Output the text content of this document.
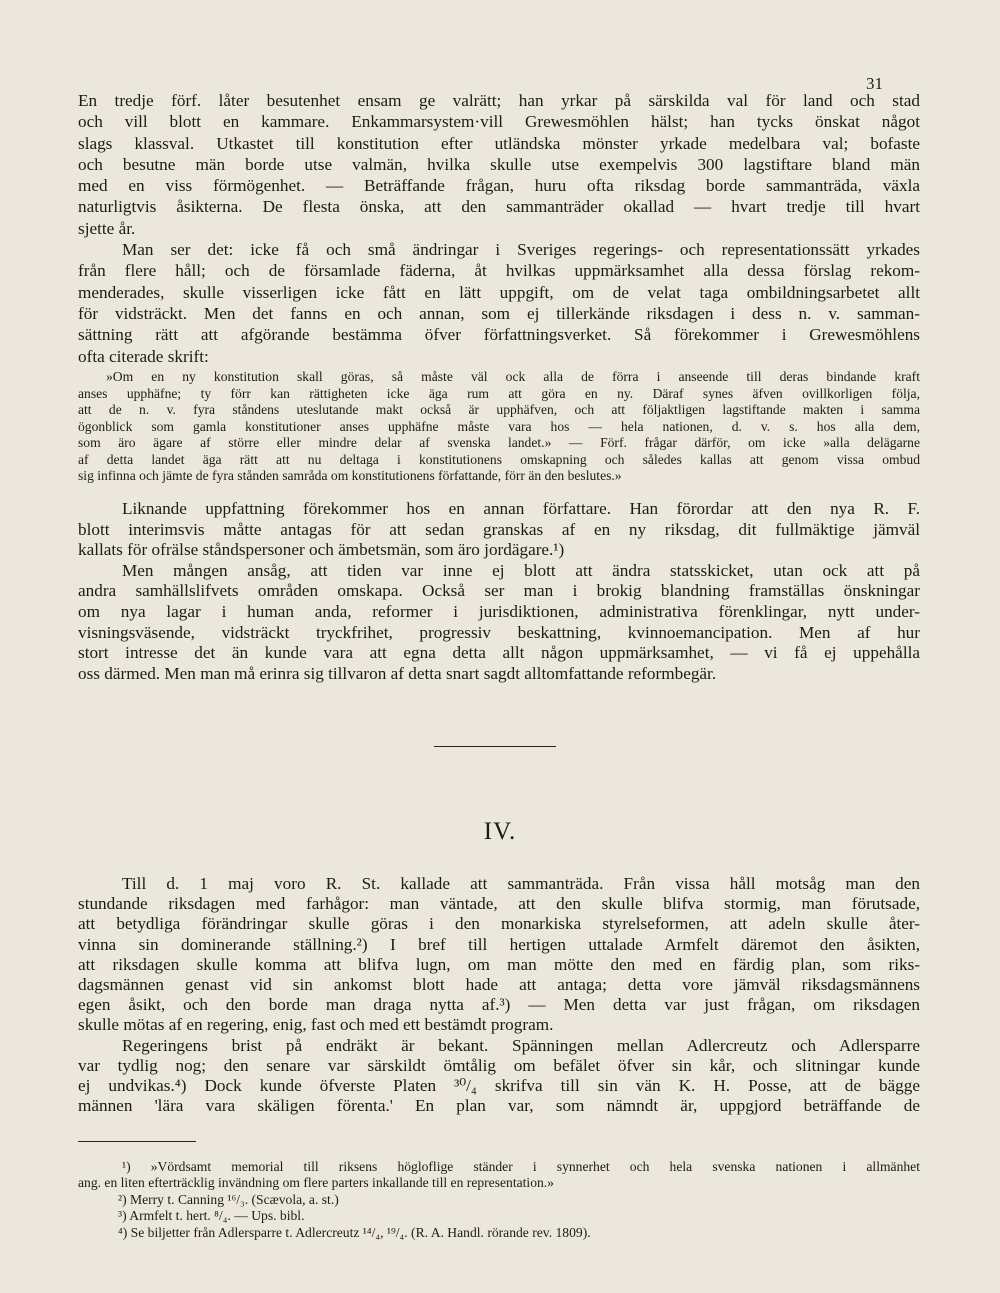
31
En tredje förf. låter besutenhet ensam ge valrätt; han yrkar på särskilda val för land och stad
och vill blott en kammare. Enkammarsystem·vill Grewesmöhlen hälst; han tycks önskat något
slags klassval. Utkastet till konstitution efter utländska mönster yrkade medelbara val; bofaste
och besutne män borde utse valmän, hvilka skulle utse exempelvis 300 lagstiftare bland män
med en viss förmögenhet. — Beträffande frågan, huru ofta riksdag borde sammanträda, växla
naturligtvis åsikterna. De flesta önska, att den sammanträder okallad — hvart tredje till hvart
sjette år.
Man ser det: icke få och små ändringar i Sveriges regerings- och representationssätt yrkades
från flere håll; och de församlade fäderna, åt hvilkas uppmärksamhet alla dessa förslag rekom-
menderades, skulle visserligen icke fått en lätt uppgift, om de velat taga ombildningsarbetet allt
för vidsträckt. Men det fanns en och annan, som ej tillerkände riksdagen i dess n. v. samman-
sättning rätt att afgörande bestämma öfver författningsverket. Så förekommer i Grewesmöhlens
ofta citerade skrift:
»Om en ny konstitution skall göras, så måste väl ock alla de förra i anseende till deras bindande kraft
anses upphäfne; ty förr kan rättigheten icke äga rum att göra en ny. Däraf synes äfven ovillkorligen följa,
att de n. v. fyra ståndens uteslutande makt också är upphäfven, och att följaktligen lagstiftande makten i samma
ögonblick som gamla konstitutioner anses upphäfne måste vara hos — hela nationen, d. v. s. hos alla dem,
som äro ägare af större eller mindre delar af svenska landet.» — Förf. frågar därför, om icke »alla delägarne
af detta landet äga rätt att nu deltaga i konstitutionens omskapning och således kallas att genom vissa ombud
sig infinna och jämte de fyra stånden samråda om konstitutionens författande, förr än den beslutes.»
Liknande uppfattning förekommer hos en annan författare. Han förordar att den nya R. F.
blott interimsvis måtte antagas för att sedan granskas af en ny riksdag, dit fullmäktige jämväl
kallats för ofrälse ståndspersoner och ämbetsmän, som äro jordägare.¹)
Men mången ansåg, att tiden var inne ej blott att ändra statsskicket, utan ock att på
andra samhällslifvets områden omskapa. Också ser man i brokig blandning framställas önskningar
om nya lagar i human anda, reformer i jurisdiktionen, administrativa förenklingar, nytt under-
visningsväsende, vidsträckt tryckfrihet, progressiv beskattning, kvinnoemancipation. Men af hur
stort intresse det än kunde vara att egna detta allt någon uppmärksamhet, — vi få ej uppehålla
oss därmed. Men man må erinra sig tillvaron af detta snart sagdt alltomfattande reformbegär.
IV.
Till d. 1 maj voro R. St. kallade att sammanträda. Från vissa håll motsåg man den
stundande riksdagen med farhågor: man väntade, att den skulle blifva stormig, man förutsade,
att betydliga förändringar skulle göras i den monarkiska styrelseformen, att adeln skulle åter-
vinna sin dominerande ställning.²) I bref till hertigen uttalade Armfelt däremot den åsikten,
att riksdagen skulle komma att blifva lugn, om man mötte den med en färdig plan, som riks-
dagsmännen genast vid sin ankomst blott hade att antaga; detta vore jämväl riksdagsmännens
egen åsikt, och den borde man draga nytta af.³) — Men detta var just frågan, om riksdagen
skulle mötas af en regering, enig, fast och med ett bestämdt program.
Regeringens brist på endräkt är bekant. Spänningen mellan Adlercreutz och Adlersparre
var tydlig nog; den senare var särskildt ömtålig om befälet öfver sin kår, och slitningar kunde
ej undvikas.⁴) Dock kunde öfverste Platen ³⁰/₄ skrifva till sin vän K. H. Posse, att de bägge
männen 'lära vara skäligen förenta.' En plan var, som nämndt är, uppgjord beträffande de
¹) »Vördsamt memorial till riksens högloflige ständer i synnerhet och hela svenska nationen i allmänhet
ang. en liten efterträcklig invändning om flere parters inkallande till en representation.»
²) Merry t. Canning ¹⁶/₃. (Scævola, a. st.)
³) Armfelt t. hert. ⁸/₄. — Ups. bibl.
⁴) Se biljetter från Adlersparre t. Adlercreutz ¹⁴/₄, ¹⁹/₄. (R. A. Handl. rörande rev. 1809).
